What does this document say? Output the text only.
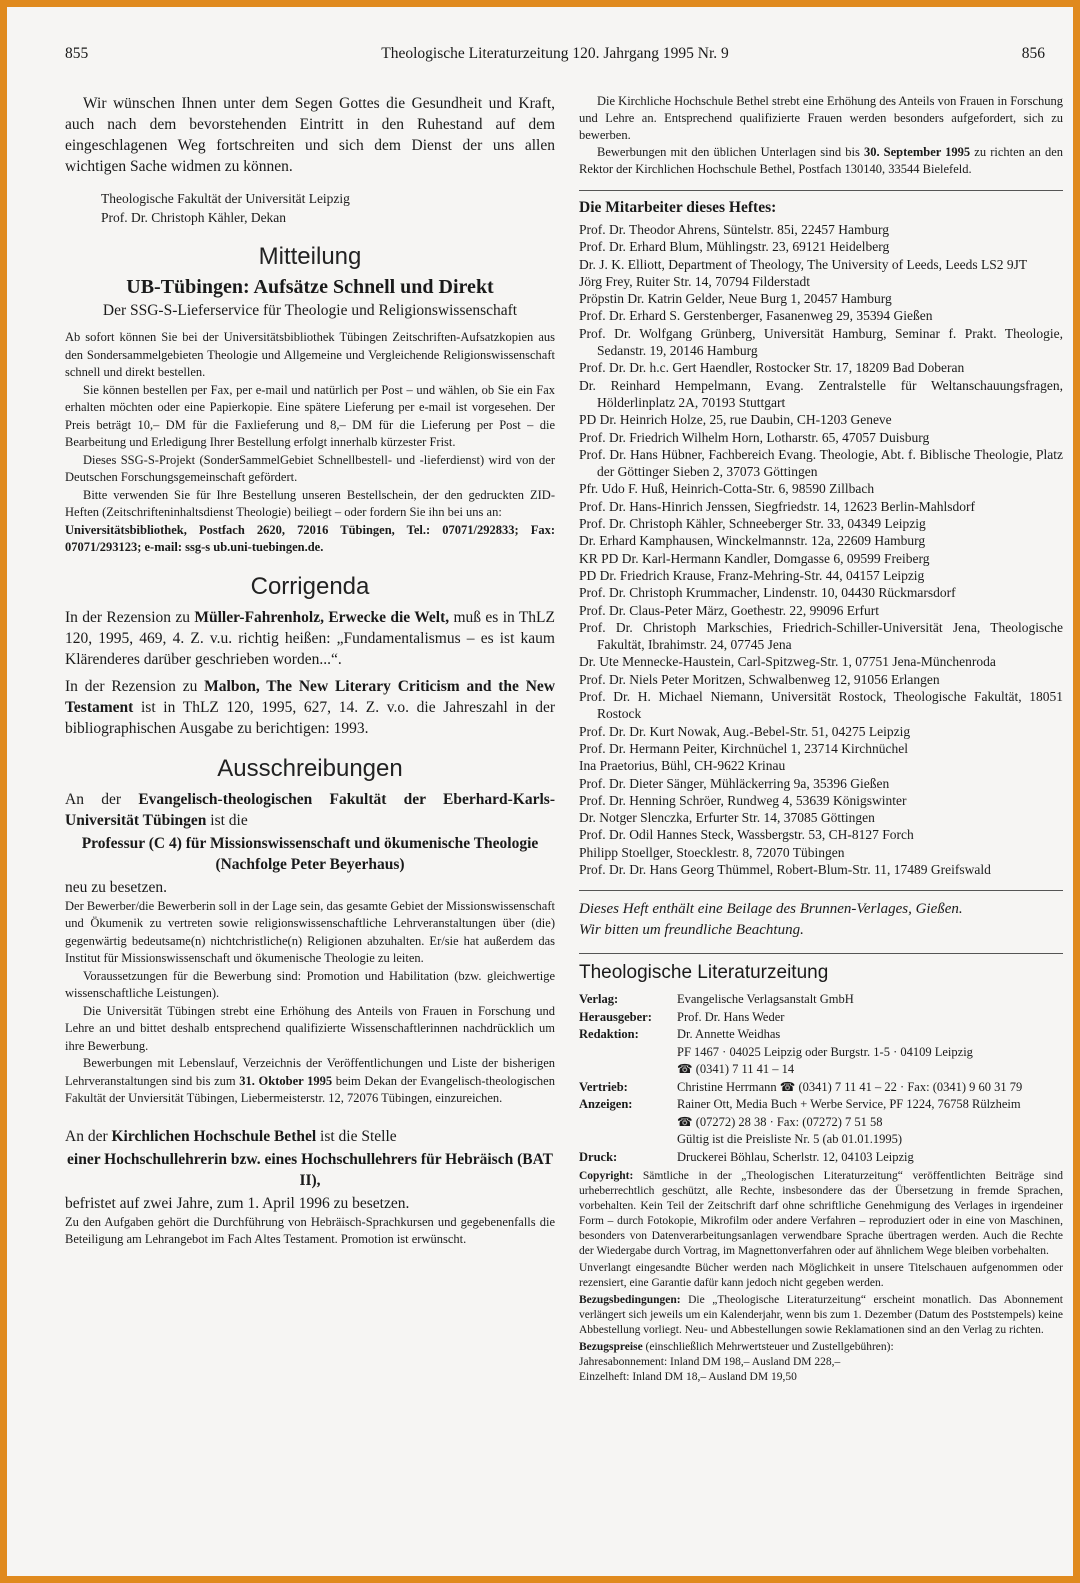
855	Theologische Literaturzeitung 120. Jahrgang 1995 Nr. 9	856

Wir wünschen Ihnen unter dem Segen Gottes die Gesundheit und Kraft, auch nach dem bevorstehenden Eintritt in den Ruhestand auf dem eingeschlagenen Weg fortschreiten und sich dem Dienst der uns allen wichtigen Sache widmen zu können.

Theologische Fakultät der Universität Leipzig
Prof. Dr. Christoph Kähler, Dekan
Mitteilung
UB-Tübingen: Aufsätze Schnell und Direkt
Der SSG-S-Lieferservice für Theologie und Religionswissenschaft

Ab sofort können Sie bei der Universitätsbibliothek Tübingen Zeitschriften-Aufsatzkopien aus den Sondersammelgebieten Theologie und Allgemeine und Vergleichende Religionswissenschaft schnell und direkt bestellen.

Sie können bestellen per Fax, per e-mail und natürlich per Post – und wählen, ob Sie ein Fax erhalten möchten oder eine Papierkopie. Eine spätere Lieferung per e-mail ist vorgesehen. Der Preis beträgt 10,– DM für die Faxlieferung und 8,– DM für die Lieferung per Post – die Bearbeitung und Erledigung Ihrer Bestellung erfolgt innerhalb kürzester Frist.

Dieses SSG-S-Projekt (SonderSammelGebiet Schnellbestell- und -lieferdienst) wird von der Deutschen Forschungsgemeinschaft gefördert.

Bitte verwenden Sie für Ihre Bestellung unseren Bestellschein, der den gedruckten ZID-Heften (Zeitschrifteninhaltsdienst Theologie) beiliegt – oder fordern Sie ihn bei uns an:

Universitätsbibliothek, Postfach 2620, 72016 Tübingen, Tel.: 07071/292833; Fax: 07071/293123; e-mail: ssg-s ub.uni-tuebingen.de.

Corrigenda

In der Rezension zu Müller-Fahrenholz, Erwecke die Welt, muß es in ThLZ 120, 1995, 469, 4. Z. v.u. richtig heißen: „Fundamentalismus – es ist kaum Klärenderes darüber geschrieben worden...“.

In der Rezension zu Malbon, The New Literary Criticism and the New Testament ist in ThLZ 120, 1995, 627, 14. Z. v.o. die Jahreszahl in der bibliographischen Ausgabe zu berichtigen: 1993.

Ausschreibungen

An der Evangelisch-theologischen Fakultät der Eberhard-Karls-Universität Tübingen ist die

Professur (C 4) für Missionswissenschaft und ökumenische Theologie (Nachfolge Peter Beyerhaus)

neu zu besetzen.

Der Bewerber/die Bewerberin soll in der Lage sein, das gesamte Gebiet der Missionswissenschaft und Ökumenik zu vertreten sowie religionswissenschaftliche Lehrveranstaltungen über (die) gegenwärtig bedeutsame(n) nichtchristliche(n) Religionen abzuhalten. Er/sie hat außerdem das Institut für Missionswissenschaft und ökumenische Theologie zu leiten.

Voraussetzungen für die Bewerbung sind: Promotion und Habilitation (bzw. gleichwertige wissenschaftliche Leistungen).

Die Universität Tübingen strebt eine Erhöhung des Anteils von Frauen in Forschung und Lehre an und bittet deshalb entsprechend qualifizierte Wissenschaftlerinnen nachdrücklich um ihre Bewerbung.

Bewerbungen mit Lebenslauf, Verzeichnis der Veröffentlichungen und Liste der bisherigen Lehrveranstaltungen sind bis zum 31. Oktober 1995 beim Dekan der Evangelisch-theologischen Fakultät der Unviersität Tübingen, Liebermeisterstr. 12, 72076 Tübingen, einzureichen.

An der Kirchlichen Hochschule Bethel ist die Stelle

einer Hochschullehrerin bzw. eines Hochschullehrers für Hebräisch (BAT II),

befristet auf zwei Jahre, zum 1. April 1996 zu besetzen.

Zu den Aufgaben gehört die Durchführung von Hebräisch-Sprachkursen und gegebenenfalls die Beteiligung am Lehrangebot im Fach Altes Testament. Promotion ist erwünscht.

Die Kirchliche Hochschule Bethel strebt eine Erhöhung des Anteils von Frauen in Forschung und Lehre an. Entsprechend qualifizierte Frauen werden besonders aufgefordert, sich zu bewerben.

Bewerbungen mit den üblichen Unterlagen sind bis 30. September 1995 zu richten an den Rektor der Kirchlichen Hochschule Bethel, Postfach 130140, 33544 Bielefeld.

Die Mitarbeiter dieses Heftes:
Prof. Dr. Theodor Ahrens, Süntelstr. 85i, 22457 Hamburg
Prof. Dr. Erhard Blum, Mühlingstr. 23, 69121 Heidelberg
Dr. J. K. Elliott, Department of Theology, The University of Leeds, Leeds LS2 9JT
Jörg Frey, Ruiter Str. 14, 70794 Filderstadt
Pröpstin Dr. Katrin Gelder, Neue Burg 1, 20457 Hamburg
Prof. Dr. Erhard S. Gerstenberger, Fasanenweg 29, 35394 Gießen
Prof. Dr. Wolfgang Grünberg, Universität Hamburg, Seminar f. Prakt. Theologie, Sedanstr. 19, 20146 Hamburg
Prof. Dr. Dr. h.c. Gert Haendler, Rostocker Str. 17, 18209 Bad Doberan
Dr. Reinhard Hempelmann, Evang. Zentralstelle für Weltanschauungsfragen, Hölderlinplatz 2A, 70193 Stuttgart
PD Dr. Heinrich Holze, 25, rue Daubin, CH-1203 Geneve
Prof. Dr. Friedrich Wilhelm Horn, Lotharstr. 65, 47057 Duisburg
Prof. Dr. Hans Hübner, Fachbereich Evang. Theologie, Abt. f. Biblische Theologie, Platz der Göttinger Sieben 2, 37073 Göttingen
Pfr. Udo F. Huß, Heinrich-Cotta-Str. 6, 98590 Zillbach
Prof. Dr. Hans-Hinrich Jenssen, Siegfriedstr. 14, 12623 Berlin-Mahlsdorf
Prof. Dr. Christoph Kähler, Schneeberger Str. 33, 04349 Leipzig
Dr. Erhard Kamphausen, Winckelmannstr. 12a, 22609 Hamburg
KR PD Dr. Karl-Hermann Kandler, Domgasse 6, 09599 Freiberg
PD Dr. Friedrich Krause, Franz-Mehring-Str. 44, 04157 Leipzig
Prof. Dr. Christoph Krummacher, Lindenstr. 10, 04430 Rückmarsdorf
Prof. Dr. Claus-Peter März, Goethestr. 22, 99096 Erfurt
Prof. Dr. Christoph Markschies, Friedrich-Schiller-Universität Jena, Theologische Fakultät, Ibrahimstr. 24, 07745 Jena
Dr. Ute Mennecke-Haustein, Carl-Spitzweg-Str. 1, 07751 Jena-Münchenroda
Prof. Dr. Niels Peter Moritzen, Schwalbenweg 12, 91056 Erlangen
Prof. Dr. H. Michael Niemann, Universität Rostock, Theologische Fakultät, 18051 Rostock
Prof. Dr. Dr. Kurt Nowak, Aug.-Bebel-Str. 51, 04275 Leipzig
Prof. Dr. Hermann Peiter, Kirchnüchel 1, 23714 Kirchnüchel
Ina Praetorius, Bühl, CH-9622 Krinau
Prof. Dr. Dieter Sänger, Mühläckerring 9a, 35396 Gießen
Prof. Dr. Henning Schröer, Rundweg 4, 53639 Königswinter
Dr. Notger Slenczka, Erfurter Str. 14, 37085 Göttingen
Prof. Dr. Odil Hannes Steck, Wassbergstr. 53, CH-8127 Forch
Philipp Stoellger, Stoecklestr. 8, 72070 Tübingen
Prof. Dr. Dr. Hans Georg Thümmel, Robert-Blum-Str. 11, 17489 Greifswald
Dieses Heft enthält eine Beilage des Brunnen-Verlages, Gießen.
Wir bitten um freundliche Beachtung.
Theologische Literaturzeitung
Verlag:	Evangelische Verlagsanstalt GmbH
Herausgeber:	Prof. Dr. Hans Weder
Redaktion:	Dr. Annette Weidhas
	PF 1467 · 04025 Leipzig oder Burgstr. 1-5 · 04109 Leipzig
	☎ (0341) 7 11 41 – 14
Vertrieb:	Christine Herrmann ☎ (0341) 7 11 41 – 22 · Fax: (0341) 9 60 31 79
Anzeigen:	Rainer Ott, Media Buch + Werbe Service, PF 1224, 76758 Rülzheim
	☎ (07272) 28 38 · Fax: (07272) 7 51 58
	Gültig ist die Preisliste Nr. 5 (ab 01.01.1995)
Druck:	Druckerei Böhlau, Scherlstr. 12, 04103 Leipzig

Copyright: Sämtliche in der „Theologischen Literaturzeitung“ veröffentlichten Beiträge sind urheberrechtlich geschützt, alle Rechte, insbesondere das der Übersetzung in fremde Sprachen, vorbehalten. Kein Teil der Zeitschrift darf ohne schriftliche Genehmigung des Verlages in irgendeiner Form – durch Fotokopie, Mikrofilm oder andere Verfahren – reproduziert oder in eine von Maschinen, besonders von Datenverarbeitungsanlagen verwendbare Sprache übertragen werden. Auch die Rechte der Wiedergabe durch Vortrag, im Magnettonverfahren oder auf ähnlichem Wege bleiben vorbehalten.

Unverlangt eingesandte Bücher werden nach Möglichkeit in unsere Titelschauen aufgenommen oder rezensiert, eine Garantie dafür kann jedoch nicht gegeben werden.

Bezugsbedingungen: Die „Theologische Literaturzeitung“ erscheint monatlich. Das Abonnement verlängert sich jeweils um ein Kalenderjahr, wenn bis zum 1. Dezember (Datum des Poststempels) keine Abbestellung vorliegt. Neu- und Abbestellungen sowie Reklamationen sind an den Verlag zu richten.

Bezugspreise (einschließlich Mehrwertsteuer und Zustellgebühren):
Jahresabonnement: Inland DM 198,– Ausland DM 228,–
Einzelheft: Inland DM 18,– Ausland DM 19,50
